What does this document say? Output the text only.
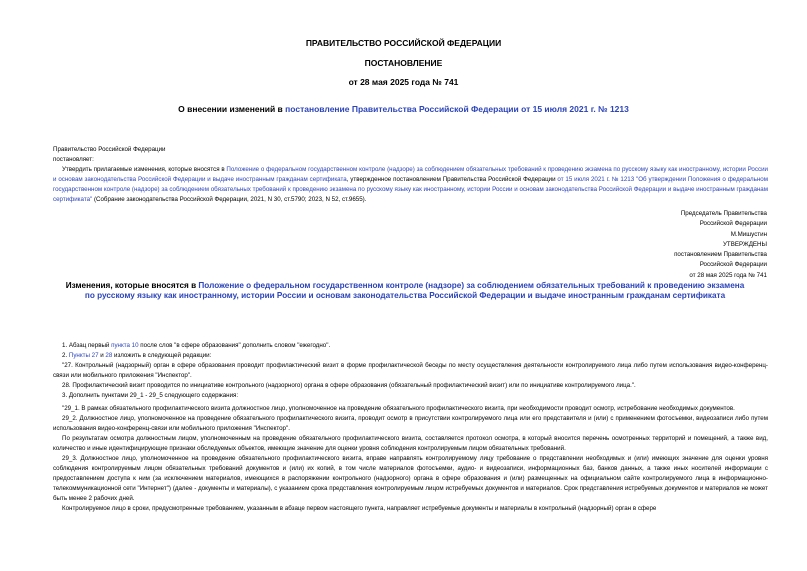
ПРАВИТЕЛЬСТВО РОССИЙСКОЙ ФЕДЕРАЦИИ
ПОСТАНОВЛЕНИЕ
от 28 мая 2025 года № 741
О внесении изменений в постановление Правительства Российской Федерации от 15 июля 2021 г. № 1213

Правительство Российской Федерации

постановляет:

Утвердить прилагаемые изменения, которые вносятся в Положение о федеральном государственном контроле (надзоре) за соблюдением обязательных требований к проведению экзамена по русскому языку как иностранному, истории России и основам законодательства Российской Федерации и выдаче иностранным гражданам сертификата, утвержденное постановлением Правительства Российской Федерации от 15 июля 2021 г. № 1213 "Об утверждении Положения о федеральном государственном контроле (надзоре) за соблюдением обязательных требований к проведению экзамена по русскому языку как иностранному, истории России и основам законодательства Российской Федерации и выдаче иностранным гражданам сертификата" (Собрание законодательства Российской Федерации, 2021, N 30, ст.5790; 2023, N 52, ст.9655).

Председатель Правительства
Российской Федерации
М.Мишустин
УТВЕРЖДЕНЫ
постановлением Правительства
Российской Федерации
от 28 мая 2025 года № 741
Изменения, которые вносятся в Положение о федеральном государственном контроле (надзоре) за соблюдением обязательных требований к проведению экзамена по русскому языку как иностранному, истории России и основам законодательства Российской Федерации и выдаче иностранным гражданам сертификата

1. Абзац первый пункта 10 после слов "в сфере образования" дополнить словом "ежегодно".

2. Пункты 27 и 28 изложить в следующей редакции:

"27. Контрольный (надзорный) орган в сфере образования проводит профилактический визит в форме профилактической беседы по месту осуществления деятельности контролируемого лица либо путем использования видео-конференц-связи или мобильного приложения "Инспектор".

28. Профилактический визит проводится по инициативе контрольного (надзорного) органа в сфере образования (обязательный профилактический визит) или по инициативе контролируемого лица.".

3. Дополнить пунктами 29_1 - 29_5 следующего содержания:

"29_1. В рамках обязательного профилактического визита должностное лицо, уполномоченное на проведение обязательного профилактического визита, при необходимости проводит осмотр, истребование необходимых документов.

29_2. Должностное лицо, уполномоченное на проведение обязательного профилактического визита, проводит осмотр в присутствии контролируемого лица или его представителя и (или) с применением фотосъемки, видеозаписи либо путем использования видео-конференц-связи или мобильного приложения "Инспектор".

По результатам осмотра должностным лицом, уполномоченным на проведение обязательного профилактического визита, составляется протокол осмотра, в который вносится перечень осмотренных территорий и помещений, а также вид, количество и иные идентифицирующие признаки обследуемых объектов, имеющие значение для оценки уровня соблюдения контролируемым лицом обязательных требований.

29_3. Должностное лицо, уполномоченное на проведение обязательного профилактического визита, вправе направлять контролируемому лицу требование о представлении необходимых и (или) имеющих значение для оценки уровня соблюдения контролируемым лицом обязательных требований документов и (или) их копий, в том числе материалов фотосъемки, аудио- и видеозаписи, информационных баз, банков данных, а также иных носителей информации с предоставлением доступа к ним (за исключением материалов, имеющихся в распоряжении контрольного (надзорного) органа в сфере образования и (или) размещенных на официальном сайте контролируемого лица в информационно-телекоммуникационной сети "Интернет") (далее - документы и материалы), с указанием срока представления контролируемым лицом истребуемых документов и материалов. Срок представления истребуемых документов и материалов не может быть менее 2 рабочих дней.

Контролируемое лицо в сроки, предусмотренные требованием, указанным в абзаце первом настоящего пункта, направляет истребуемые документы и материалы в контрольный (надзорный) орган в сфере
